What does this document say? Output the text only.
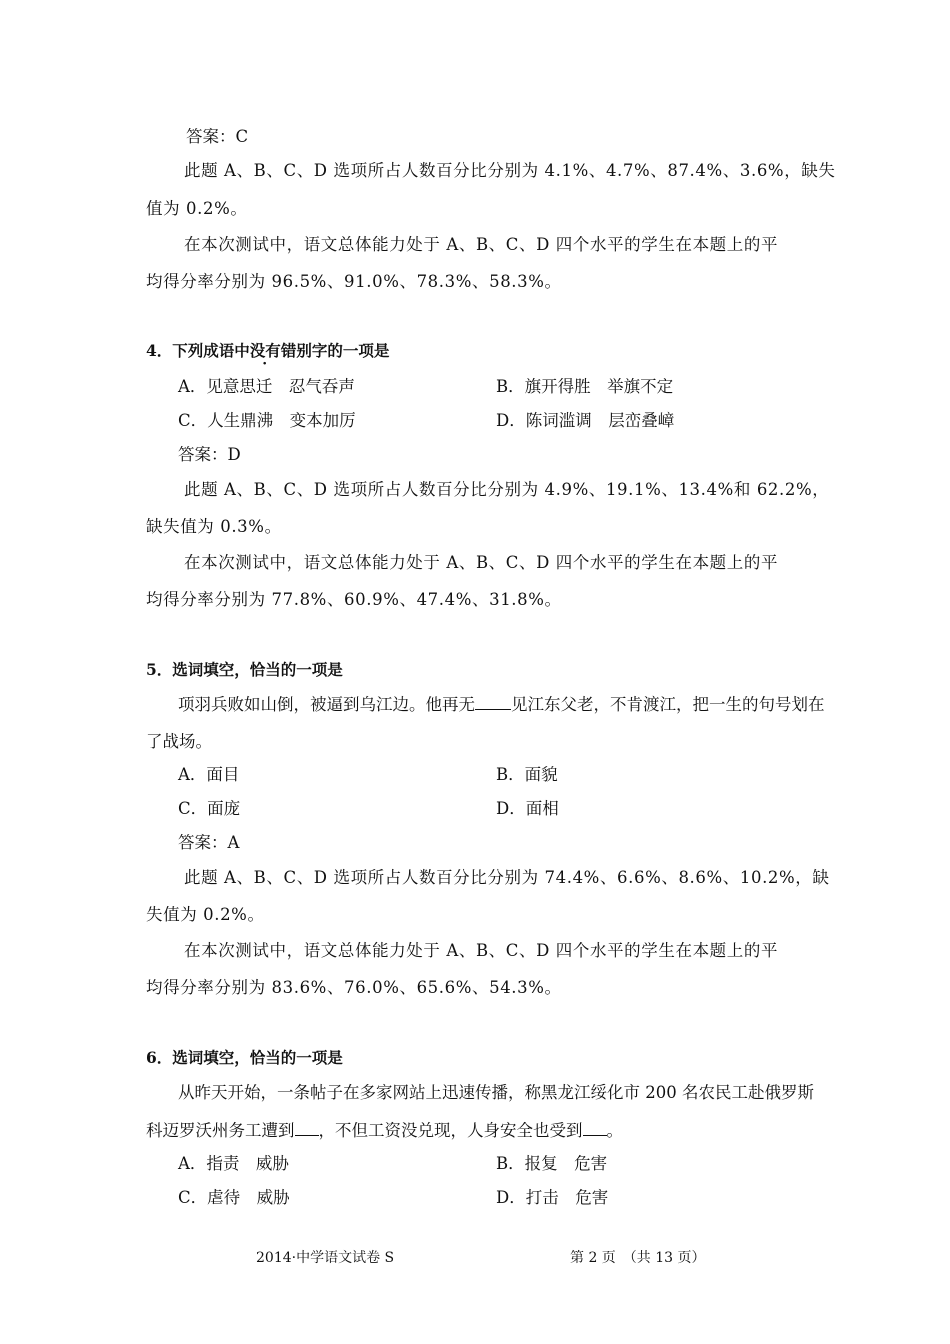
答案：C
此题 A、B、C、D 选项所占人数百分比分别为 4.1%、4.7%、87.4%、3.6%，缺失
值为 0.2%。
在本次测试中，语文总体能力处于 A、B、C、D 四个水平的学生在本题上的平
均得分率分别为 96.5%、91.0%、78.3%、58.3%。
4．下列成语中没有错别字的一项是
A．见意思迁　忍气吞声	B．旗开得胜　举旗不定
C．人生鼎沸　变本加厉	D．陈词滥调　层峦叠嶂
答案：D
此题 A、B、C、D 选项所占人数百分比分别为 4.9%、19.1%、13.4%和 62.2%，
缺失值为 0.3%。
在本次测试中，语文总体能力处于 A、B、C、D 四个水平的学生在本题上的平
均得分率分别为 77.8%、60.9%、47.4%、31.8%。
5．选词填空，恰当的一项是
项羽兵败如山倒，被逼到乌江边。他再无 见江东父老，不肯渡江，把一生的句号划在
了战场。
A．面目	B．面貌
C．面庞	D．面相
答案：A
此题 A、B、C、D 选项所占人数百分比分别为 74.4%、6.6%、8.6%、10.2%，缺
失值为 0.2%。
在本次测试中，语文总体能力处于 A、B、C、D 四个水平的学生在本题上的平
均得分率分别为 83.6%、76.0%、65.6%、54.3%。
6．选词填空，恰当的一项是
从昨天开始，一条帖子在多家网站上迅速传播，称黑龙江绥化市 200 名农民工赴俄罗斯
科迈罗沃州务工遭到 ，不但工资没兑现，人身安全也受到 。
A．指责　威胁	B．报复　危害
C．虐待　威胁	D．打击　危害
2014·中学语文试卷 S	第 2 页　（共 13 页）
